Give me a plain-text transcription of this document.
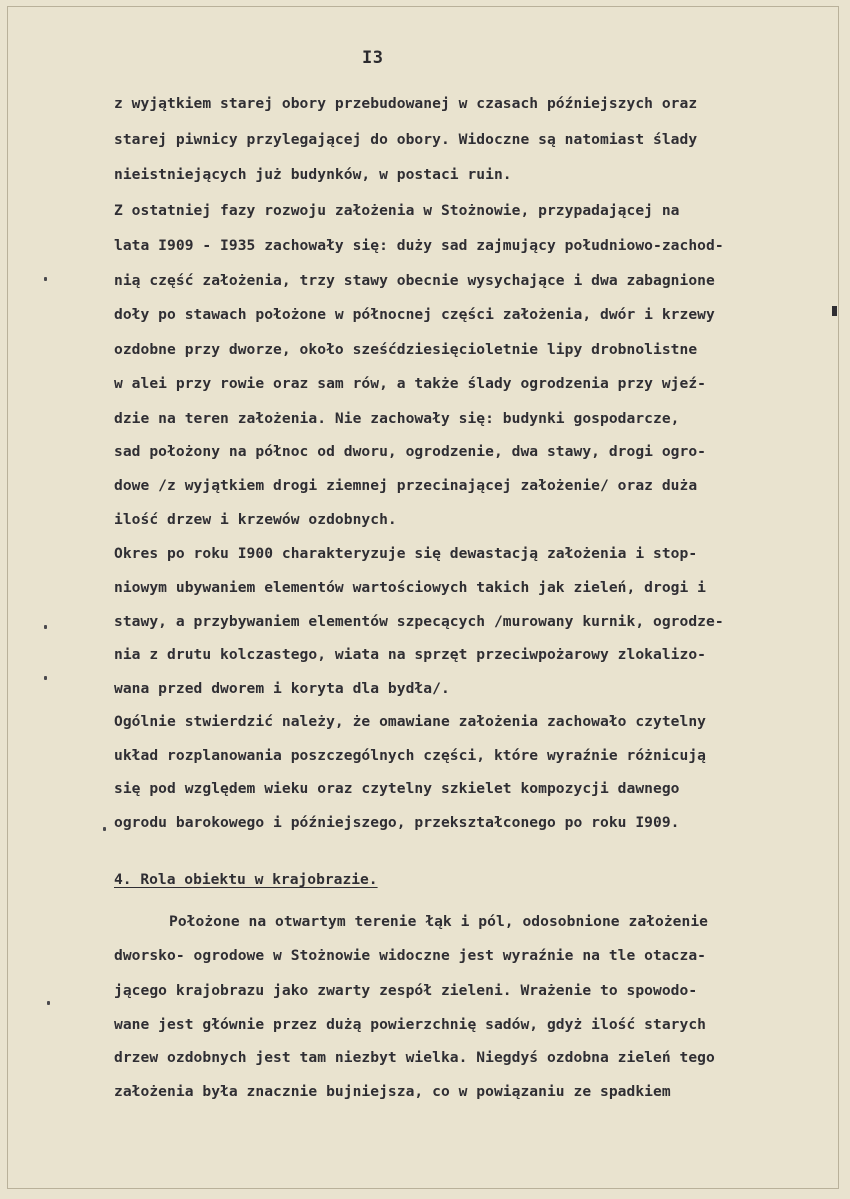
I3
z wyjątkiem starej obory przebudowanej w czasach późniejszych oraz
starej piwnicy przylegającej do obory. Widoczne są natomiast ślady
nieistniejących już budynków, w postaci ruin.
Z ostatniej fazy rozwoju założenia w Stożnowie, przypadającej na
lata I909 - I935 zachowały się: duży sad zajmujący południowo-zachod-
nią część założenia, trzy stawy obecnie wysychające i dwa zabagnione
doły po stawach położone w północnej części założenia, dwór i krzewy
ozdobne przy dworze, około sześćdziesięcioletnie lipy drobnolistne
w alei przy rowie oraz sam rów, a także ślady ogrodzenia przy wjeź-
dzie na teren założenia. Nie zachowały się: budynki gospodarcze,
sad położony na północ od dworu, ogrodzenie, dwa stawy, drogi ogro-
dowe /z wyjątkiem drogi ziemnej przecinającej założenie/ oraz duża
ilość drzew i krzewów ozdobnych.
Okres po roku I900 charakteryzuje się dewastacją założenia i stop-
niowym ubywaniem elementów wartościowych takich jak zieleń, drogi i
stawy, a przybywaniem elementów szpecących /murowany kurnik, ogrodze-
nia z drutu kolczastego, wiata na sprzęt przeciwpożarowy zlokalizo-
wana przed dworem i koryta dla bydła/.
Ogólnie stwierdzić należy, że omawiane założenia zachowało czytelny
układ rozplanowania poszczególnych części, które wyraźnie różnicują
się pod względem wieku oraz czytelny szkielet kompozycji dawnego
ogrodu barokowego i późniejszego, przekształconego po roku I909.
4. Rola obiektu w krajobrazie.
Położone na otwartym terenie łąk i pól, odosobnione założenie
dworsko- ogrodowe w Stożnowie widoczne jest wyraźnie na tle otacza-
jącego krajobrazu jako zwarty zespół zieleni. Wrażenie to spowodo-
wane jest głównie przez dużą powierzchnię sadów, gdyż ilość starych
drzew ozdobnych jest tam niezbyt wielka. Niegdyś ozdobna zieleń tego
założenia była znacznie bujniejsza, co w powiązaniu ze spadkiem
